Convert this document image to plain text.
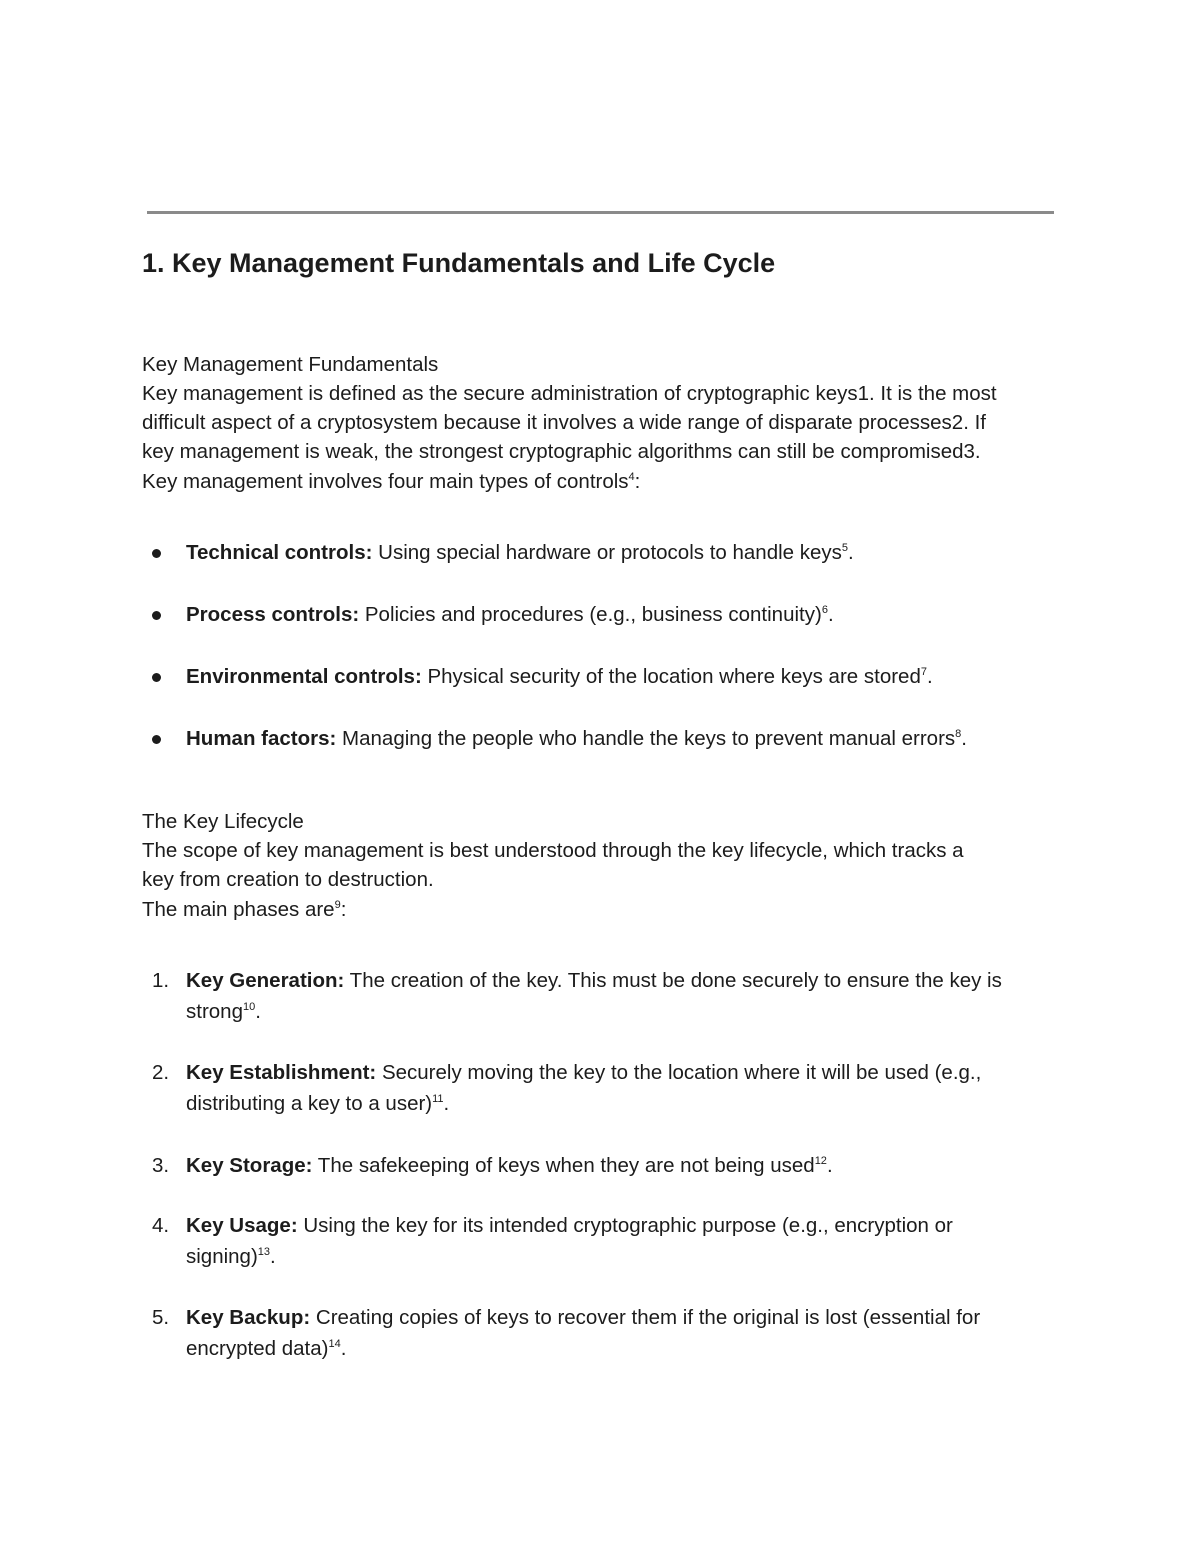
1. Key Management Fundamentals and Life Cycle

Key Management Fundamentals

Key management is defined as the secure administration of cryptographic keys1. It is the most

difficult aspect of a cryptosystem because it involves a wide range of disparate processes2. If

key management is weak, the strongest cryptographic algorithms can still be compromised3.

Key management involves four main types of controls$^4$:

Technical controls: Using special hardware or protocols to handle keys$^5$.
Process controls: Policies and procedures (e.g., business continuity)$^6$.
Environmental controls: Physical security of the location where keys are stored$^7$.
Human factors: Managing the people who handle the keys to prevent manual errors$^8$.

The Key Lifecycle

The scope of key management is best understood through the key lifecycle, which tracks a

key from creation to destruction.

The main phases are$^9$:

1. Key Generation: The creation of the key. This must be done securely to ensure the key is
strong$^{10}$.
2. Key Establishment: Securely moving the key to the location where it will be used (e.g.,
distributing a key to a user)$^{11}$.
3. Key Storage: The safekeeping of keys when they are not being used$^{12}$.
4. Key Usage: Using the key for its intended cryptographic purpose (e.g., encryption or
signing)$^{13}$.
5. Key Backup: Creating copies of keys to recover them if the original is lost (essential for
encrypted data)$^{14}$.
